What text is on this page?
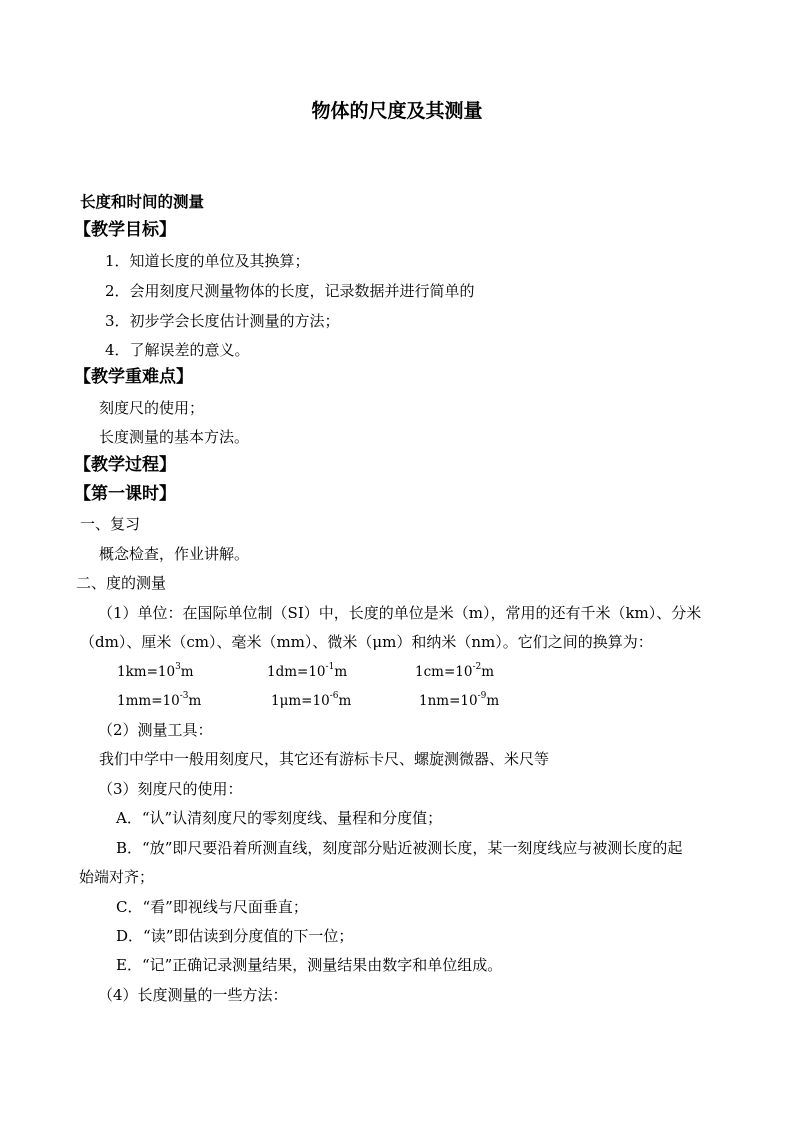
物体的尺度及其测量
长度和时间的测量
【教学目标】
1．知道长度的单位及其换算；
2．会用刻度尺测量物体的长度，记录数据并进行简单的
3．初步学会长度估计测量的方法；
4．了解误差的意义。
【教学重难点】
刻度尺的使用；
长度测量的基本方法。
【教学过程】
【第一课时】
一、复习
概念检查，作业讲解。
二、度的测量
（1）单位：在国际单位制（SI）中，长度的单位是米（m），常用的还有千米（km）、分米
（dm）、厘米（cm）、毫米（mm）、微米（μm）和纳米（nm）。它们之间的换算为：
$1km=10^3m$	$1dm=10^{-1}m$	$1cm=10^{-2}m$
$1mm=10^{-3}m$	$1\mu m=10^{-6}m$	$1nm=10^{-9}m$
（2）测量工具：
我们中学中一般用刻度尺，其它还有游标卡尺、螺旋测微器、米尺等
（3）刻度尺的使用：
A．“认”认清刻度尺的零刻度线、量程和分度值；
B．“放”即尺要沿着所测直线，刻度部分贴近被测长度，某一刻度线应与被测长度的起
始端对齐；
C．“看”即视线与尺面垂直；
D．“读”即估读到分度值的下一位；
E．“记”正确记录测量结果，测量结果由数字和单位组成。
（4）长度测量的一些方法：
